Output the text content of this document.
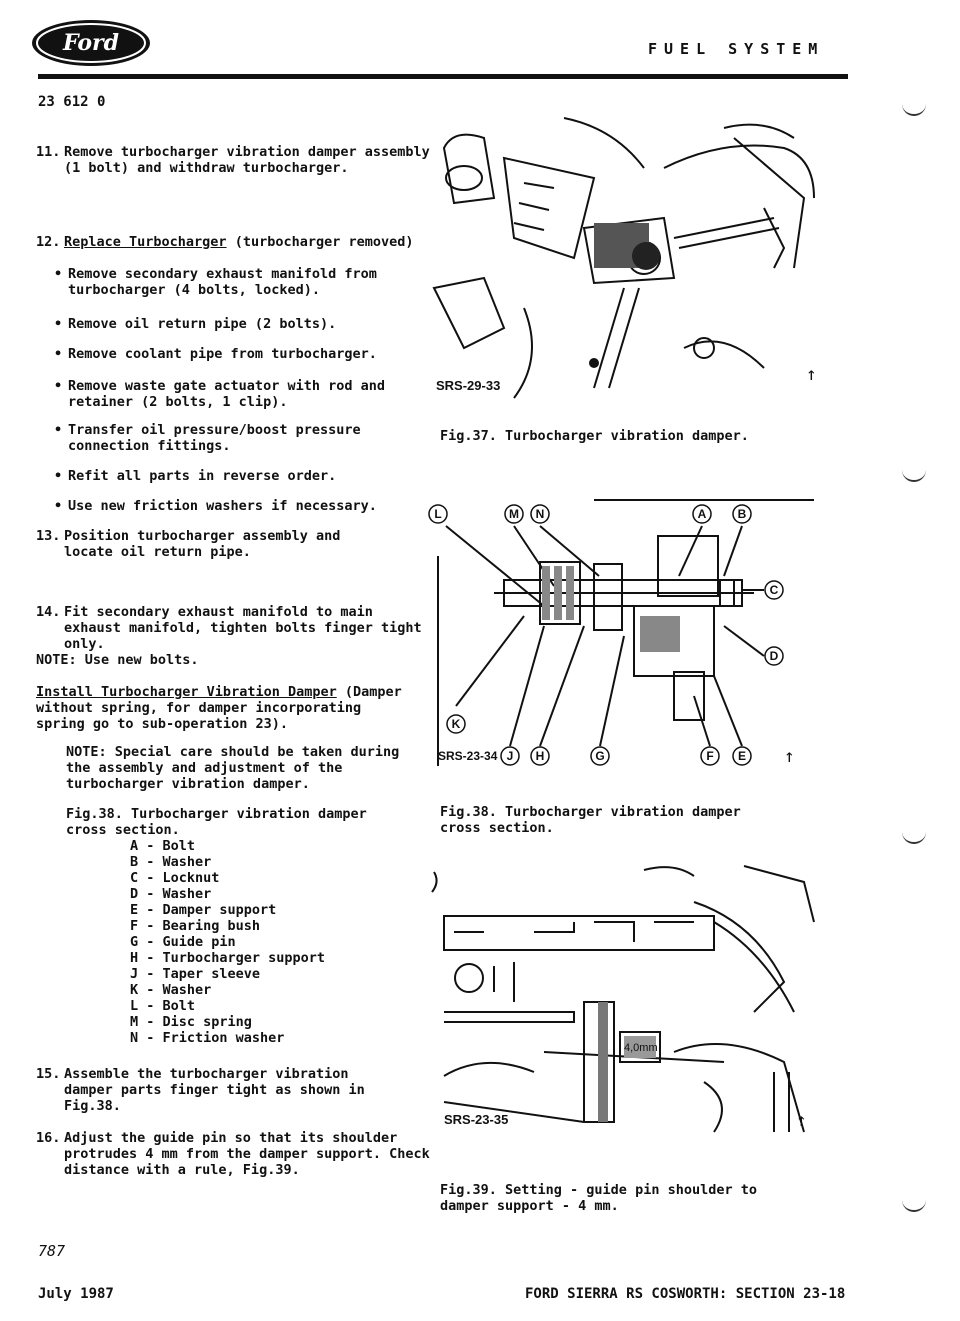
Ford	FUEL SYSTEM
23 612 0
11. Remove turbocharger vibration damper assembly (1 bolt) and withdraw turbocharger.
12. Replace Turbocharger (turbocharger removed)
• Remove secondary exhaust manifold from turbocharger (4 bolts, locked).
• Remove oil return pipe (2 bolts).
• Remove coolant pipe from turbocharger.
• Remove waste gate actuator with rod and retainer (2 bolts, 1 clip).
• Transfer oil pressure/boost pressure connection fittings.
• Refit all parts in reverse order.
• Use new friction washers if necessary.
13. Position turbocharger assembly and locate oil return pipe.
14. Fit secondary exhaust manifold to main exhaust manifold, tighten bolts finger tight only.
NOTE: Use new bolts.
Install Turbocharger Vibration Damper (Damper without spring, for damper incorporating spring go to sub-operation 23).
NOTE: Special care should be taken during the assembly and adjustment of the turbocharger vibration damper.
Fig.38. Turbocharger vibration damper cross section.
A - Bolt
B - Washer
C - Locknut
D - Washer
E - Damper support
F - Bearing bush
G - Guide pin
H - Turbocharger support
J - Taper sleeve
K - Washer
L - Bolt
M - Disc spring
N - Friction washer
15. Assemble the turbocharger vibration damper parts finger tight as shown in Fig.38.
16. Adjust the guide pin so that its shoulder protrudes 4 mm from the damper support. Check distance with a rule, Fig.39.
SRS-29-33
↑
Fig.37. Turbocharger vibration damper.
L	M N	A	B
C
D
K
J H	G	F E
SRS-23-34	↑
Fig.38. Turbocharger vibration damper cross section.
4,0mm
SRS-23-35	↑
Fig.39. Setting - guide pin shoulder to damper support - 4 mm.
787
July 1987	FORD SIERRA RS COSWORTH: SECTION 23-18
